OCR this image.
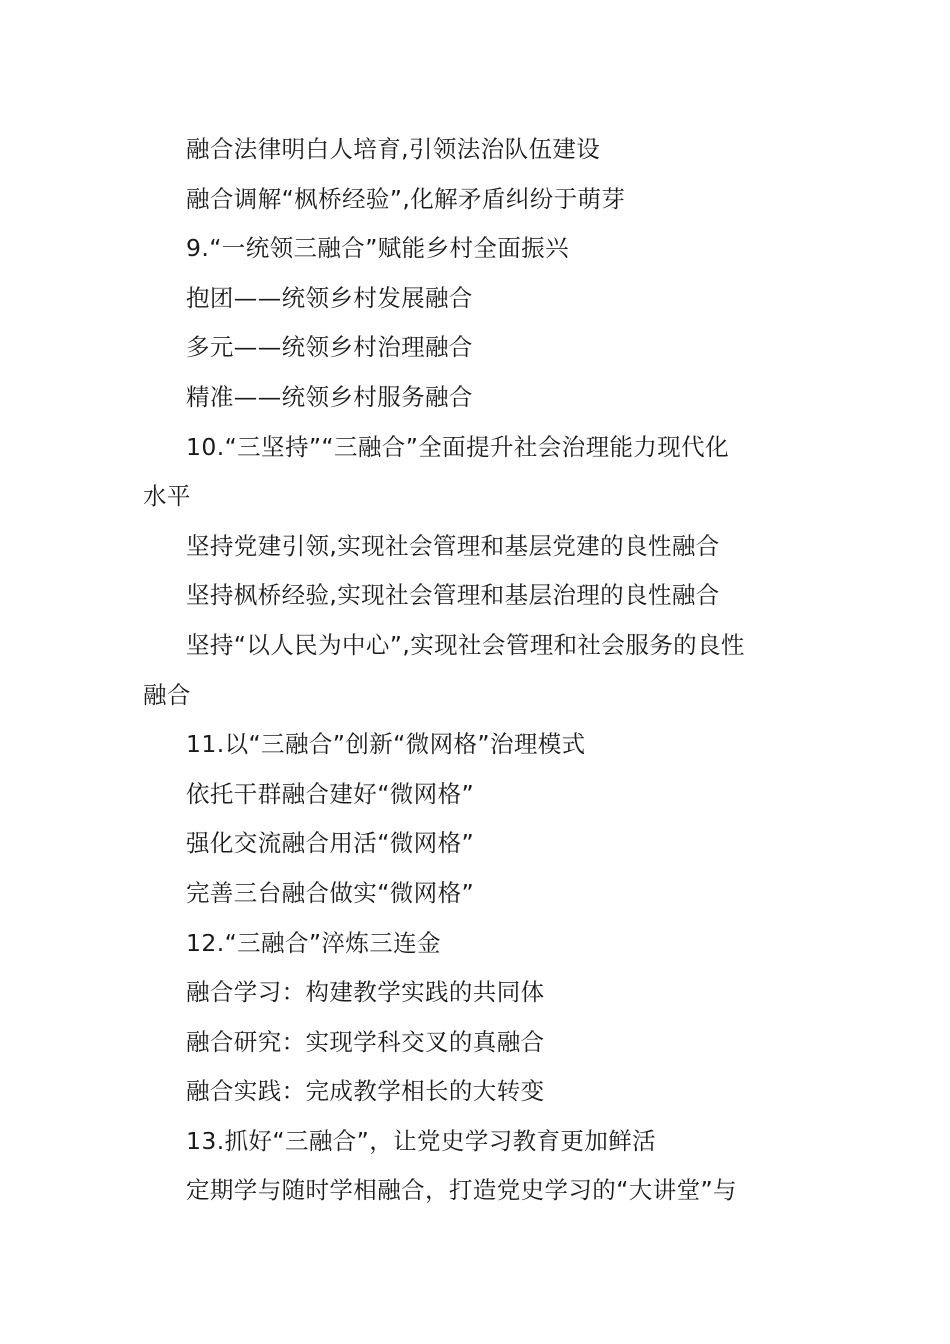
融合法律明白人培育,引领法治队伍建设
融合调解“枫桥经验”,化解矛盾纠纷于萌芽
9.“一统领三融合”赋能乡村全面振兴
抱团——统领乡村发展融合
多元——统领乡村治理融合
精准——统领乡村服务融合
10.“三坚持”“三融合”全面提升社会治理能力现代化
水平
坚持党建引领,实现社会管理和基层党建的良性融合
坚持枫桥经验,实现社会管理和基层治理的良性融合
坚持“以人民为中心”,实现社会管理和社会服务的良性
融合
11.以“三融合”创新“微网格”治理模式
依托干群融合建好“微网格”
强化交流融合用活“微网格”
完善三台融合做实“微网格”
12.“三融合”淬炼三连金
融合学习：构建教学实践的共同体
融合研究：实现学科交叉的真融合
融合实践：完成教学相长的大转变
13.抓好“三融合”，让党史学习教育更加鲜活
定期学与随时学相融合，打造党史学习的“大讲堂”与
